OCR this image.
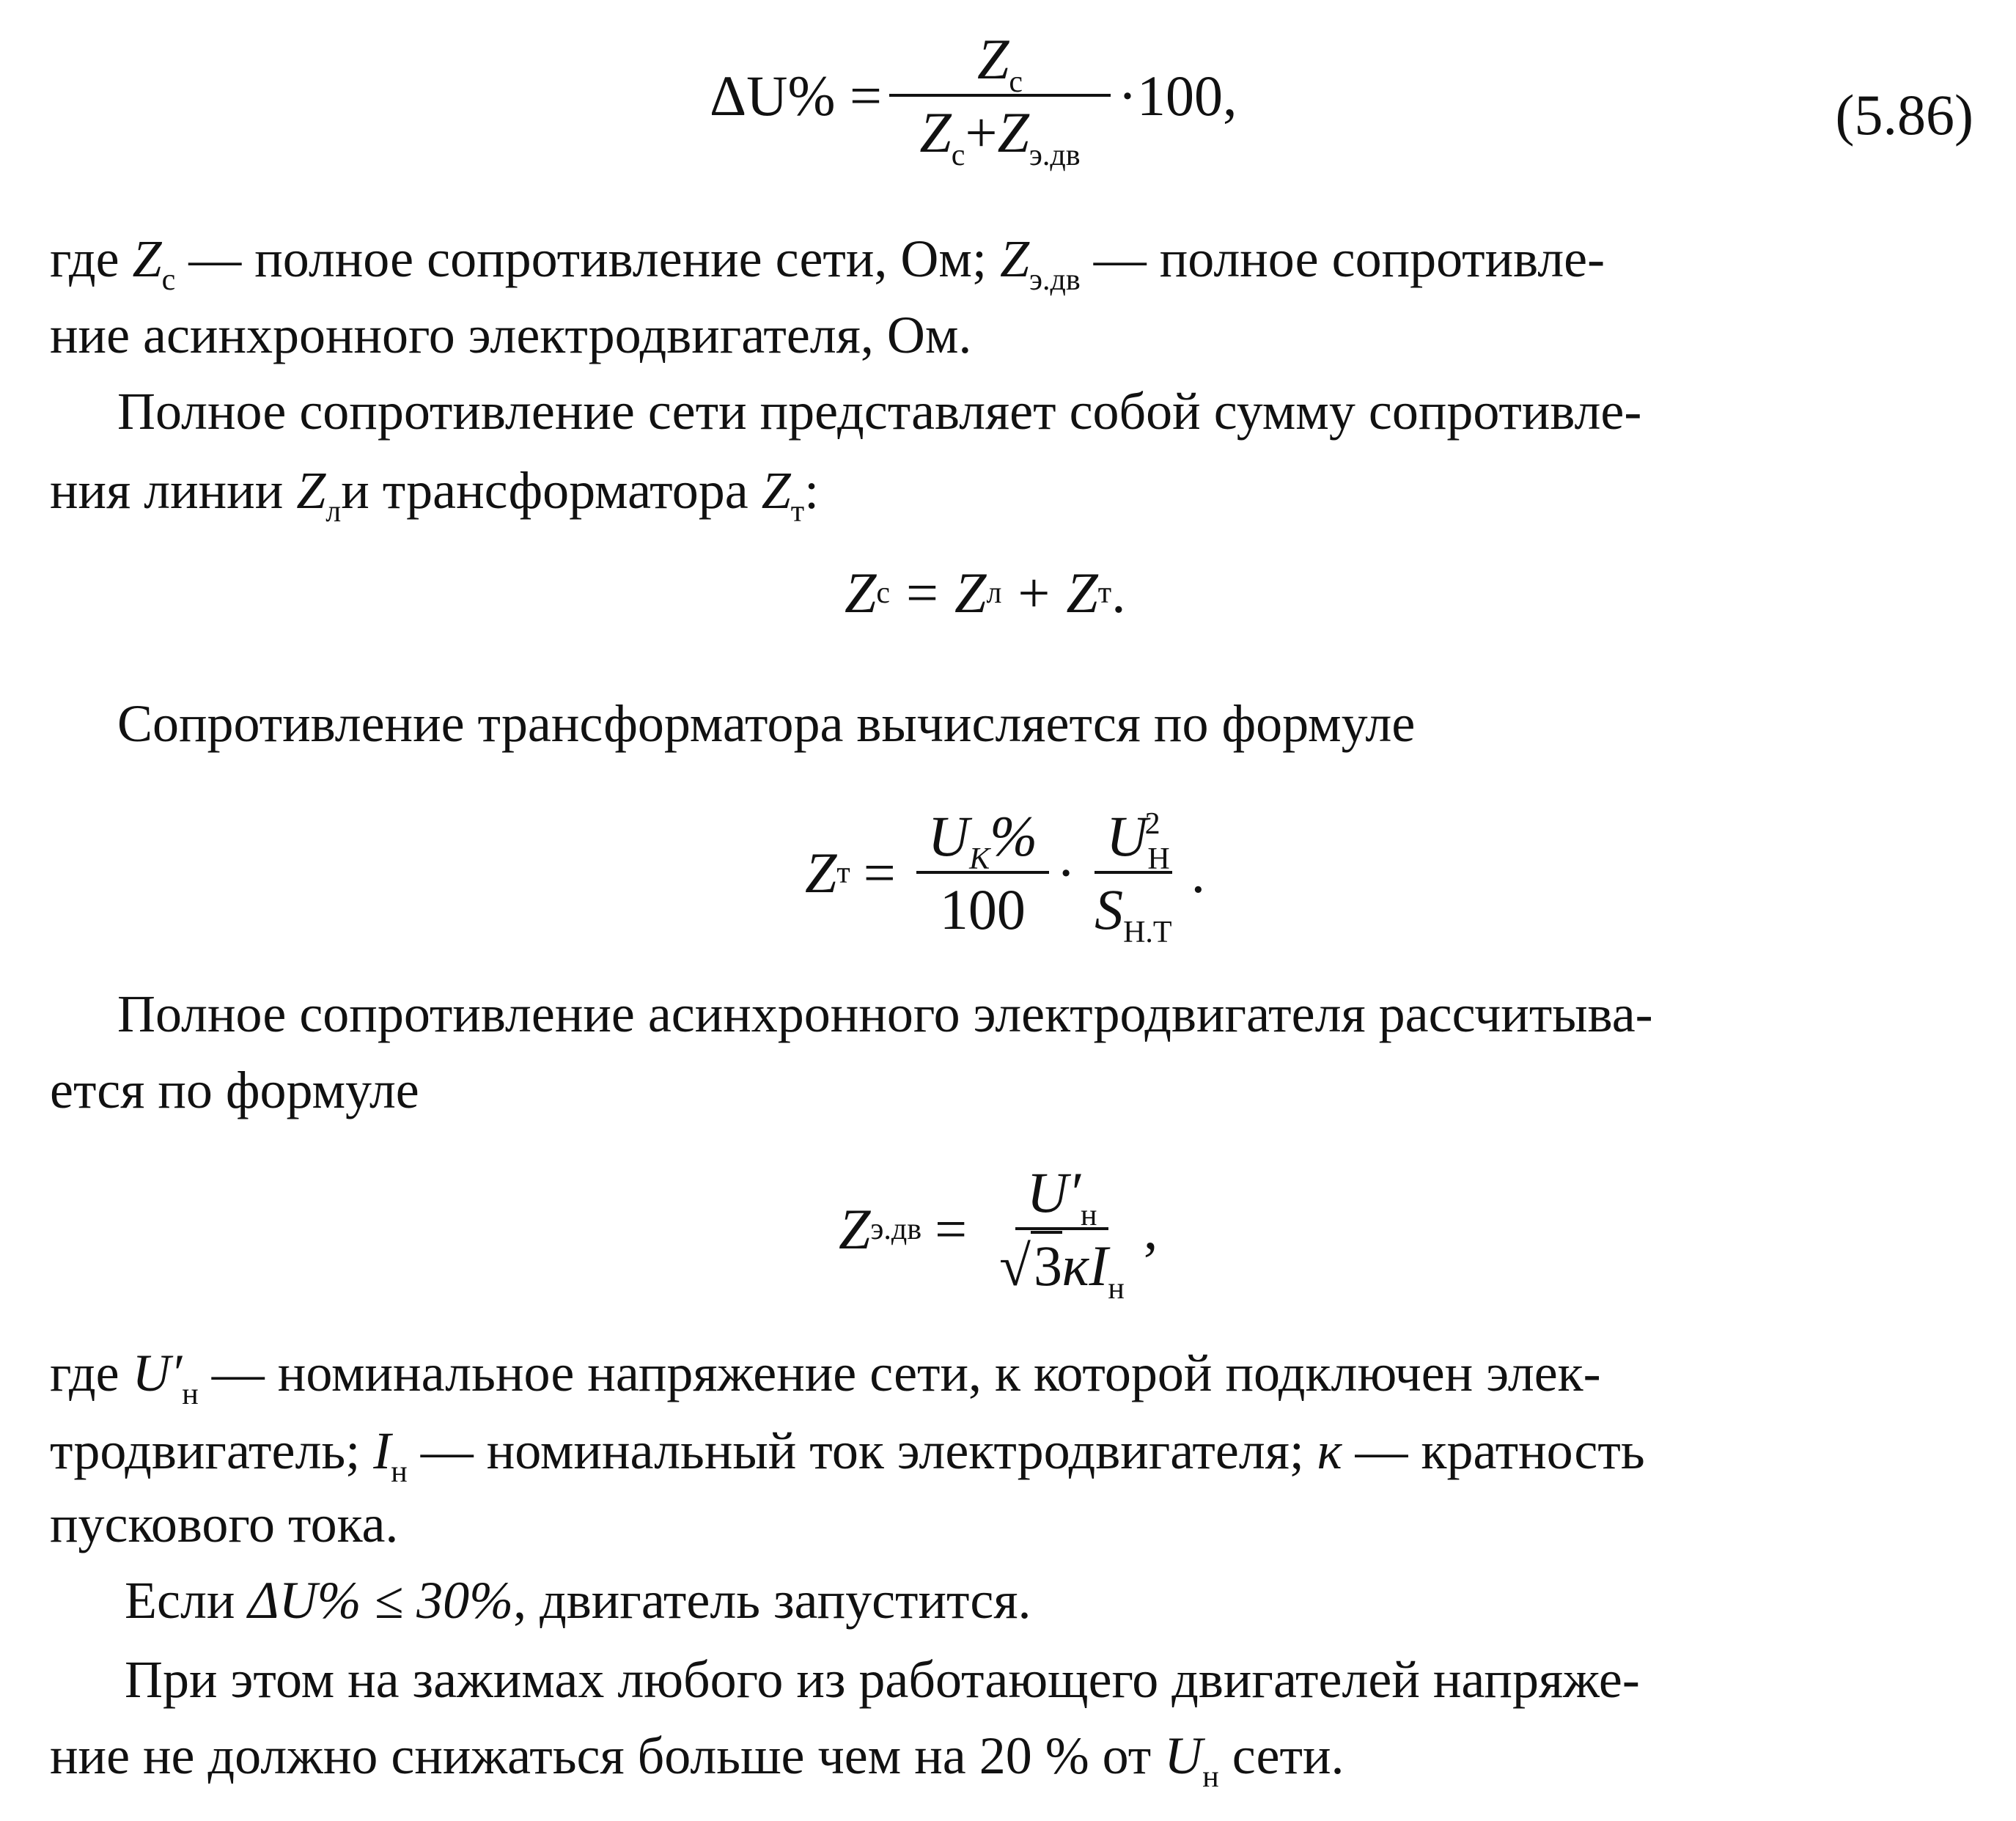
$\Delta U\% = \frac{Z_с}{Z_с+Z_{э.дв}} \cdot 100$,	(5.86)
где $Z_с$ — полное сопротивление сети, Ом; $Z_{э.дв}$ — полное сопротивле-
ние асинхронного электродвигателя, Ом.
Полное сопротивление сети представляет собой сумму сопротивле-
ния линии $Z_ли$ трансформатора $Z_т$:
Z с = Z л + Z т .
Сопротивление трансформатора вычисляется по формуле
Z $т = \frac{U_K\%}{100} \cdot \frac{U_Н^2}{S_{Н.Т}}$ .
Полное сопротивление асинхронного электродвигателя рассчитыва-
ется по формуле
Z $э.дв = \frac{U'_н}{√3кI_н}$ ,
где $U'_н$ — номинальное напряжение сети, к которой подключен элек-
тродвигатель; $I_н$ — номинальный ток электродвигателя; к — кратность
пускового тока.
Если ΔU% ≤ 30%, двигатель запустится.
При этом на зажимах любого из работающего двигателей напряже-
ние не должно снижаться больше чем на 20 % от $U_н$ сети.
